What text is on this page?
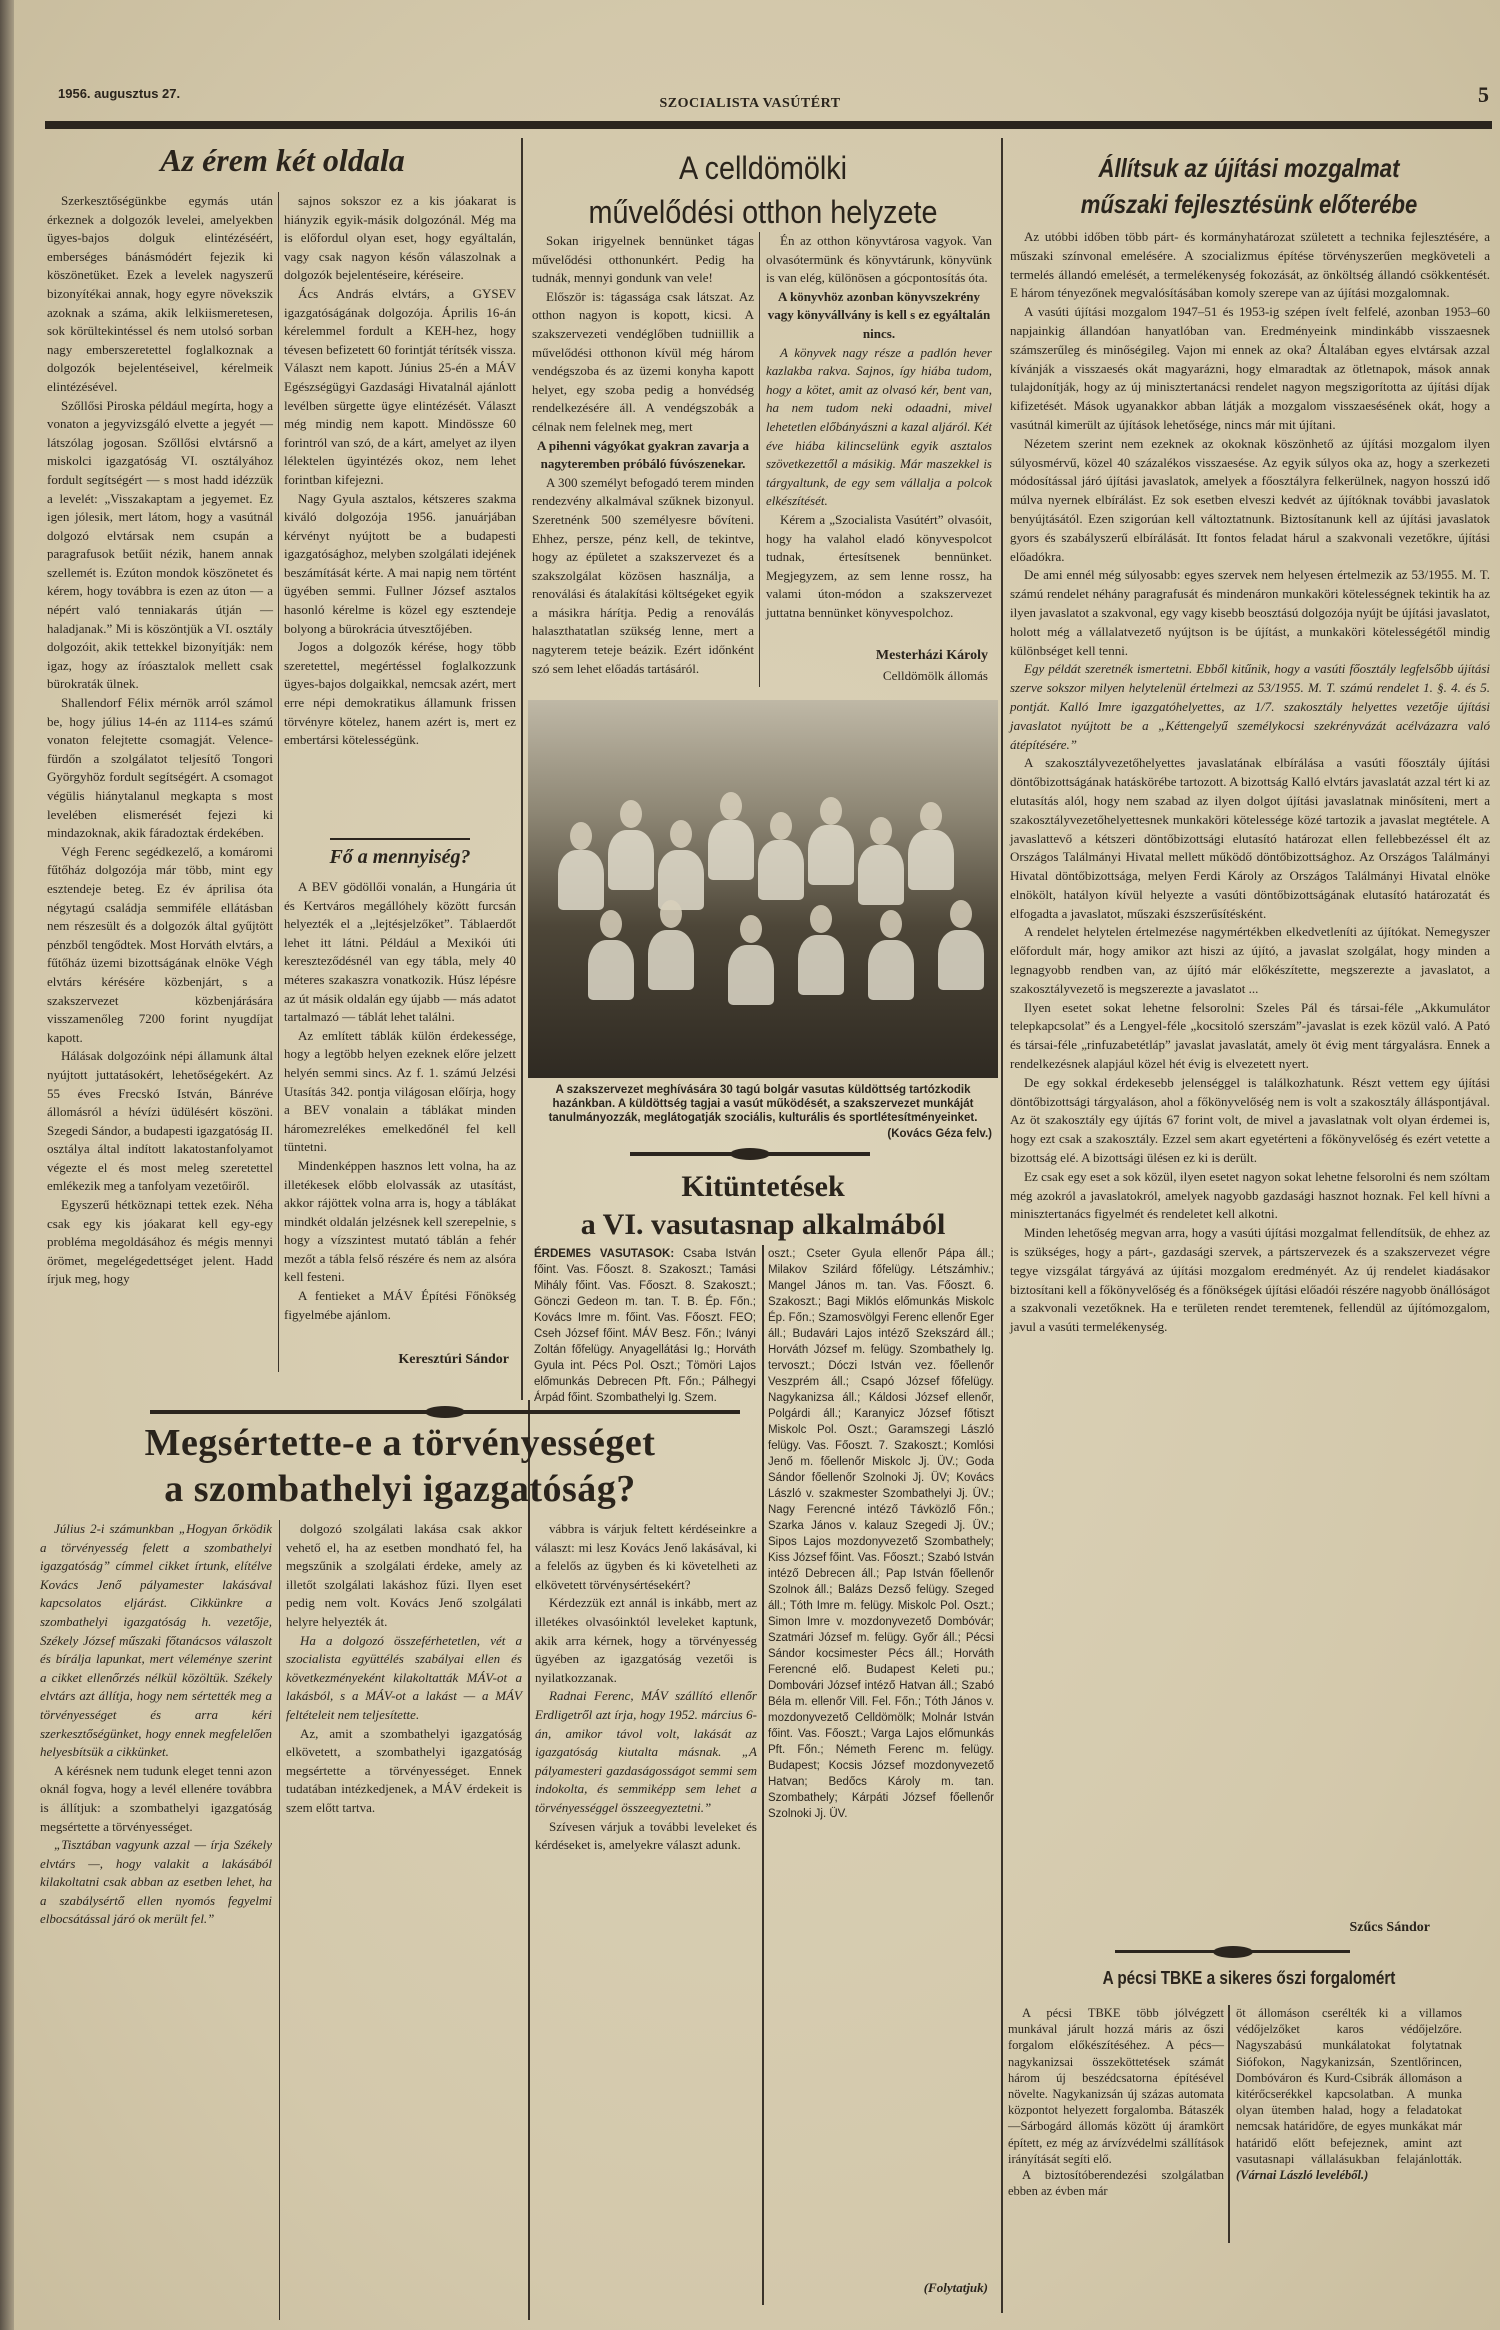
1956. augusztus 27.
SZOCIALISTA VASÚTÉRT	5
Az érem két oldala

Szerkesztőségünkbe egymás után érkeznek a dolgozók levelei, amelyekben ügyes-bajos dolguk elintézéséért, emberséges bánásmódért fejezik ki köszönetüket. Ezek a levelek nagyszerű bizonyítékai annak, hogy egyre növekszik azoknak a száma, akik lelkiismeretesen, sok körültekintéssel és nem utolsó sorban nagy emberszeretettel foglalkoznak a dolgozók bejelentéseivel, kérelmeik elintézésével.

Szőllősi Piroska például megírta, hogy a vonaton a jegyvizsgáló elvette a jegyét — látszólag jogosan. Szőllősi elvtársnő a miskolci igazgatóság VI. osztályához fordult segítségért — s most hadd idézzük a levelét: „Visszakaptam a jegyemet. Ez igen jólesik, mert látom, hogy a vasútnál dolgozó elvtársak nem csupán a paragrafusok betűit nézik, hanem annak szellemét is. Ezúton mondok köszönetet és kérem, hogy továbbra is ezen az úton — a népért való tenniakarás útján — haladjanak.” Mi is köszöntjük a VI. osztály dolgozóit, akik tettekkel bizonyítják: nem igaz, hogy az íróasztalok mellett csak bürokraták ülnek.

Shallendorf Félix mérnök arról számol be, hogy július 14-én az 1114-es számú vonaton felejtette csomagját. Velence-fürdőn a szolgálatot teljesítő Tongori Györgyhöz fordult segítségért. A csomagot végülis hiánytalanul megkapta s most levelében elismerését fejezi ki mindazoknak, akik fáradoztak érdekében.

Végh Ferenc segédkezelő, a komáromi fűtőház dolgozója már több, mint egy esztendeje beteg. Ez év áprilisa óta négytagú családja semmiféle ellátásban nem részesült és a dolgozók által gyűjtött pénzből tengődtek. Most Horváth elvtárs, a fűtőház üzemi bizottságának elnöke Végh elvtárs kérésére közbenjárt, s a szakszervezet közbenjárására visszamenőleg 7200 forint nyugdíjat kapott.

Hálásak dolgozóink népi államunk által nyújtott juttatásokért, lehetőségekért. Az 55 éves Frecskó István, Bánréve állomásról a hévízi üdülésért köszöni. Szegedi Sándor, a budapesti igazgatóság II. osztálya által indított lakatostanfolyamot végezte el és most meleg szeretettel emlékezik meg a tanfolyam vezetőiről.

Egyszerű hétköznapi tettek ezek. Néha csak egy kis jóakarat kell egy-egy probléma megoldásához és mégis mennyi örömet, megelégedettséget jelent. Hadd írjuk meg, hogy

sajnos sokszor ez a kis jóakarat is hiányzik egyik-másik dolgozónál. Még ma is előfordul olyan eset, hogy egyáltalán, vagy csak nagyon későn válaszolnak a dolgozók bejelentéseire, kéréseire.

Ács András elvtárs, a GYSEV igazgatóságának dolgozója. Április 16-án kérelemmel fordult a KEH-hez, hogy tévesen befizetett 60 forintját térítsék vissza. Választ nem kapott. Június 25-én a MÁV Egészségügyi Gazdasági Hivatalnál ajánlott levélben sürgette ügye elintézését. Választ még mindig nem kapott. Mindössze 60 forintról van szó, de a kárt, amelyet az ilyen lélektelen ügyintézés okoz, nem lehet forintban kifejezni.

Nagy Gyula asztalos, kétszeres szakma kiváló dolgozója 1956. januárjában kérvényt nyújtott be a budapesti igazgatósághoz, melyben szolgálati idejének beszámítását kérte. A mai napig nem történt ügyében semmi. Fullner József asztalos hasonló kérelme is közel egy esztendeje bolyong a bürokrácia útvesztőjében.

Jogos a dolgozók kérése, hogy több szeretettel, megértéssel foglalkozzunk ügyes-bajos dolgaikkal, nemcsak azért, mert erre népi demokratikus államunk frissen törvényre kötelez, hanem azért is, mert ez embertársi kötelességünk.

Fő a mennyiség?

A BEV gödöllői vonalán, a Hungária út és Kertváros megállóhely között furcsán helyezték el a „lejtésjelzőket”. Táblaerdőt lehet itt látni. Például a Mexikói úti kereszteződésnél van egy tábla, mely 40 méteres szakaszra vonatkozik. Húsz lépésre az út másik oldalán egy újabb — más adatot tartalmazó — táblát lehet találni.

Az említett táblák külön érdekessége, hogy a legtöbb helyen ezeknek előre jelzett helyén semmi sincs. Az f. 1. számú Jelzési Utasítás 342. pontja világosan előírja, hogy a BEV vonalain a táblákat minden háromezrelékes emelkedőnél fel kell tüntetni.

Mindenképpen hasznos lett volna, ha az illetékesek előbb elolvassák az utasítást, akkor rájöttek volna arra is, hogy a táblákat mindkét oldalán jelzésnek kell szerepelnie, s hogy a vízszintest mutató táblán a fehér mezőt a tábla felső részére és nem az alsóra kell festeni.

A fentieket a MÁV Építési Főnökség figyelmébe ajánlom.

Keresztúri Sándor
A celldömölki
művelődési otthon helyzete

Sokan irigyelnek bennünket tágas művelődési otthonunkért. Pedig ha tudnák, mennyi gondunk van vele!

Először is: tágassága csak látszat. Az otthon nagyon is kopott, kicsi. A szakszervezeti vendéglőben tudniillik a művelődési otthonon kívül még három vendégszoba és az üzemi konyha kapott helyet, egy szoba pedig a honvédség rendelkezésére áll. A vendégszobák a célnak nem felelnek meg, mert

A pihenni vágyókat gyakran zavarja a nagyteremben próbáló fúvószenekar.

A 300 személyt befogadó terem minden rendezvény alkalmával szűknek bizonyul. Szeretnénk 500 személyesre bővíteni. Ehhez, persze, pénz kell, de tekintve, hogy az épületet a szakszervezet és a szakszolgálat közösen használja, a renoválási és átalakítási költségeket egyik a másikra hárítja. Pedig a renoválás halaszthatatlan szükség lenne, mert a nagyterem teteje beázik. Ezért időnként szó sem lehet előadás tartásáról.

Én az otthon könyvtárosa vagyok. Van olvasótermünk és könyvtárunk, könyvünk is van elég, különösen a gócpontosítás óta.

A könyvhöz azonban könyvszekrény vagy könyvállvány is kell s ez egyáltalán nincs.

A könyvek nagy része a padlón hever kazlakba rakva. Sajnos, így hiába tudom, hogy a kötet, amit az olvasó kér, bent van, ha nem tudom neki odaadni, mivel lehetetlen előbányászni a kazal aljáról. Két éve hiába kilincselünk egyik asztalos szövetkezettől a másikig. Már maszekkel is tárgyaltunk, de egy sem vállalja a polcok elkészítését.

Kérem a „Szocialista Vasútért” olvasóit, hogy ha valahol eladó könyvespolcot tudnak, értesítsenek bennünket. Megjegyzem, az sem lenne rossz, ha valami úton-módon a szakszervezet juttatna bennünket könyvespolchoz.

Mesterházi Károly
Celldömölk állomás
A szakszervezet meghívására 30 tagú bolgár vasutas küldöttség tartózkodik hazánkban. A küldöttség tagjai a vasút működését, a szakszervezet munkáját tanulmányozzák, meglátogatják szociális, kulturális és sportlétesítményeinket.
(Kovács Géza felv.)
Kitüntetések
a VI. vasutasnap alkalmából
ÉRDEMES VASUTASOK: Csaba István főint. Vas. Főoszt. 8. Szakoszt.; Tamási Mihály főint. Vas. Főoszt. 8. Szakoszt.; Gönczi Gedeon m. tan. T. B. Ép. Főn.; Kovács Imre m. főint. Vas. Főoszt. FEO; Cseh József főint. MÁV Besz. Főn.; Iványi Zoltán főfelügy. Anyagellátási Ig.; Horváth Gyula int. Pécs Pol. Oszt.; Tömöri Lajos előmunkás Debrecen Pft. Főn.; Pálhegyi Árpád főint. Szombathelyi Ig. Szem.
oszt.; Cseter Gyula ellenőr Pápa áll.; Milakov Szilárd főfelügy. Létszámhiv.; Mangel János m. tan. Vas. Főoszt. 6. Szakoszt.; Bagi Miklós előmunkás Miskolc Ép. Főn.; Szamosvölgyi Ferenc ellenőr Eger áll.; Budavári Lajos intéző Szekszárd áll.; Horváth József m. felügy. Szombathely Ig. tervoszt.; Dóczi István vez. főellenőr Veszprém áll.; Csapó József főfelügy. Nagykanizsa áll.; Káldosi József ellenőr, Polgárdi áll.; Karanyicz József főtiszt Miskolc Pol. Oszt.; Garamszegi László felügy. Vas. Főoszt. 7. Szakoszt.; Komlósi Jenő m. főellenőr Miskolc Jj. ÜV.; Goda Sándor főellenőr Szolnoki Jj. ÜV; Kovács László v. szakmester Szombathelyi Jj. ÜV.; Nagy Ferencné intéző Távközlő Főn.; Szarka János v. kalauz Szegedi Jj. ÜV.; Sipos Lajos mozdonyvezető Szombathely; Kiss József főint. Vas. Főoszt.; Szabó István intéző Debrecen áll.; Pap István főellenőr Szolnok áll.; Balázs Dezső felügy. Szeged áll.; Tóth Imre m. felügy. Miskolc Pol. Oszt.; Simon Imre v. mozdonyvezető Dombóvár; Szatmári József m. felügy. Győr áll.; Pécsi Sándor kocsimester Pécs áll.; Horváth Ferencné elő. Budapest Keleti pu.; Dombovári József intéző Hatvan áll.; Szabó Béla m. ellenőr Vill. Fel. Főn.; Tóth János v. mozdonyvezető Celldömölk; Molnár István főint. Vas. Főoszt.; Varga Lajos előmunkás Pft. Főn.; Németh Ferenc m. felügy. Budapest; Kocsis József mozdonyvezető Hatvan; Bedőcs Károly m. tan. Szombathely; Kárpáti József főellenőr Szolnoki Jj. ÜV.
(Folytatjuk)
Megsértette-e a törvényességet
a szombathelyi igazgatóság?

Július 2-i számunkban „Hogyan őrködik a törvényesség felett a szombathelyi igazgatóság” címmel cikket írtunk, elítélve Kovács Jenő pályamester lakásával kapcsolatos eljárást. Cikkünkre a szombathelyi igazgatóság h. vezetője, Székely József műszaki főtanácsos válaszolt és bírálja lapunkat, mert véleménye szerint a cikket ellenőrzés nélkül közöltük. Székely elvtárs azt állítja, hogy nem sértették meg a törvényességet és arra kéri szerkesztőségünket, hogy ennek megfelelően helyesbítsük a cikkünket.

A kérésnek nem tudunk eleget tenni azon oknál fogva, hogy a levél ellenére továbbra is állítjuk: a szombathelyi igazgatóság megsértette a törvényességet.

„Tisztában vagyunk azzal — írja Székely elvtárs —, hogy valakit a lakásából kilakoltatni csak abban az esetben lehet, ha a szabálysértő ellen nyomós fegyelmi elbocsátással járó ok merült fel.”

dolgozó szolgálati lakása csak akkor vehető el, ha az esetben mondható fel, ha megszűnik a szolgálati érdeke, amely az illetőt szolgálati lakáshoz fűzi. Ilyen eset pedig nem volt. Kovács Jenő szolgálati helyre helyezték át.

Ha a dolgozó összeférhetetlen, vét a szocialista együttélés szabályai ellen és következményeként kilakoltatták MÁV-ot a lakásból, s a MÁV-ot a lakást — a MÁV feltételeit nem teljesítette.

Az, amit a szombathelyi igazgatóság elkövetett, a szombathelyi igazgatóság megsértette a törvényességet. Ennek tudatában intézkedjenek, a MÁV érdekeit is szem előtt tartva.

vábbra is várjuk feltett kérdéseinkre a választ: mi lesz Kovács Jenő lakásával, ki a felelős az ügyben és ki követelheti az elkövetett törvénysértésekért?

Kérdezzük ezt annál is inkább, mert az illetékes olvasóinktól leveleket kaptunk, akik arra kérnek, hogy a törvényesség ügyében az igazgatóság vezetői is nyilatkozzanak.

Radnai Ferenc, MÁV szállító ellenőr Erdligetről azt írja, hogy 1952. március 6-án, amikor távol volt, lakását az igazgatóság kiutalta másnak. „A pályamesteri gazdaságosságot semmi sem indokolta, és semmiképp sem lehet a törvényességgel összeegyeztetni.”

Szívesen várjuk a további leveleket és kérdéseket is, amelyekre választ adunk.

Állítsuk az újítási mozgalmat
műszaki fejlesztésünk előterébe

Az utóbbi időben több párt- és kormányhatározat született a technika fejlesztésére, a műszaki színvonal emelésére. A szocializmus építése törvényszerűen megköveteli a termelés állandó emelését, a termelékenység fokozását, az önköltség állandó csökkentését. E három tényezőnek megvalósításában komoly szerepe van az újítási mozgalomnak.

A vasúti újítási mozgalom 1947–51 és 1953-ig szépen ívelt felfelé, azonban 1953–60 napjainkig állandóan hanyatlóban van. Eredményeink mindinkább visszaesnek számszerűleg és minőségileg. Vajon mi ennek az oka? Általában egyes elvtársak azzal kívánják a visszaesés okát magyarázni, hogy elmaradtak az ötletnapok, mások annak tulajdonítják, hogy az új minisztertanácsi rendelet nagyon megszigorította az újítási díjak kifizetését. Mások ugyanakkor abban látják a mozgalom visszaesésének okát, hogy a vasútnál kimerült az újítások lehetősége, nincs már mit újítani.

Nézetem szerint nem ezeknek az okoknak köszönhető az újítási mozgalom ilyen súlyosmérvű, közel 40 százalékos visszaesése. Az egyik súlyos oka az, hogy a szerkezeti módosítással járó újítási javaslatok, amelyek a főosztályra felkerülnek, nagyon hosszú idő múlva nyernek elbírálást. Ez sok esetben elveszi kedvét az újítóknak további javaslatok benyújtásától. Ezen szigorúan kell változtatnunk. Biztosítanunk kell az újítási javaslatok gyors és szabályszerű elbírálását. Itt fontos feladat hárul a szakvonali vezetőkre, újítási előadókra.

De ami ennél még súlyosabb: egyes szervek nem helyesen értelmezik az 53/1955. M. T. számú rendelet néhány paragrafusát és mindenáron munkaköri kötelességnek tekintik ha az ilyen javaslatot a szakvonal, egy vagy kisebb beosztású dolgozója nyújt be újítási javaslatot, holott még a vállalatvezető nyújtson is be újítást, a munkaköri kötelességétől mindig különbséget kell tenni.

Egy példát szeretnék ismertetni. Ebből kitűnik, hogy a vasúti főosztály legfelsőbb újítási szerve sokszor milyen helytelenül értelmezi az 53/1955. M. T. számú rendelet 1. §. 4. és 5. pontját. Kalló Imre igazgatóhelyettes, az 1/7. szakosztály helyettes vezetője újítási javaslatot nyújtott be a „Kéttengelyű személykocsi szekrényvázát acélvázazra való átépítésére.”

A szakosztályvezetőhelyettes javaslatának elbírálása a vasúti főosztály újítási döntőbizottságának hatáskörébe tartozott. A bizottság Kalló elvtárs javaslatát azzal tért ki az elutasítás alól, hogy nem szabad az ilyen dolgot újítási javaslatnak minősíteni, mert a szakosztályvezetőhelyettesnek munkaköri kötelessége közé tartozik a javaslat megtétele. A javaslattevő a kétszeri döntőbizottsági elutasító határozat ellen fellebbezéssel élt az Országos Találmányi Hivatal mellett működő döntőbizottsághoz. Az Országos Találmányi Hivatal döntőbizottsága, melyen Ferdi Károly az Országos Találmányi Hivatal elnöke elnökölt, hatályon kívül helyezte a vasúti döntőbizottságának elutasító határozatát és elfogadta a javaslatot, műszaki észszerűsítésként.

A rendelet helytelen értelmezése nagymértékben elkedvetleníti az újítókat. Nemegyszer előfordult már, hogy amikor azt hiszi az újító, a javaslat szolgálat, hogy minden a legnagyobb rendben van, az újító már előkészítette, megszerezte a javaslatot, a szakosztályvezető is megszerezte a javaslatot ...

Ilyen esetet sokat lehetne felsorolni: Szeles Pál és társai-féle „Akkumulátor telepkapcsolat” és a Lengyel-féle „kocsitoló szerszám”-javaslat is ezek közül való. A Pató és társai-féle „rinfuzabetétláp” javaslat javaslatát, amely öt évig ment tárgyalásra. Ennek a rendelkezésnek alapjául közel hét évig is elvezetett nyert.

De egy sokkal érdekesebb jelenséggel is találkozhatunk. Részt vettem egy újítási döntőbizottsági tárgyaláson, ahol a főkönyvelőség nem is volt a szakosztály álláspontjával. Az öt szakosztály egy újítás 67 forint volt, de mivel a javaslatnak volt olyan érdemei is, hogy ezt csak a szakosztály. Ezzel sem akart egyetérteni a főkönyvelőség és ezért vetette a bizottság elé. A bizottsági ülésen ez ki is derült.

Ez csak egy eset a sok közül, ilyen esetet nagyon sokat lehetne felsorolni és nem szóltam még azokról a javaslatokról, amelyek nagyobb gazdasági hasznot hoznak. Fel kell hívni a minisztertanács figyelmét és rendeletet kell alkotni.

Minden lehetőség megvan arra, hogy a vasúti újítási mozgalmat fellendítsük, de ehhez az is szükséges, hogy a párt-, gazdasági szervek, a pártszervezek és a szakszervezet végre tegye vizsgálat tárgyává az újítási mozgalom eredményét. Az új rendelet kiadásakor biztosítani kell a főkönyvelőség és a főnökségek újítási előadói részére nagyobb önállóságot a szakvonali vezetőknek. Ha e területen rendet teremtenek, fellendül az újítómozgalom, javul a vasúti termelékenység.

Szűcs Sándor
A pécsi TBKE a sikeres őszi forgalomért

A pécsi TBKE több jólvégzett munkával járult hozzá máris az őszi forgalom előkészítéséhez. A pécs—nagykanizsai összeköttetések számát három új beszédcsatorna építésével növelte. Nagykanizsán új százas automata központot helyezett forgalomba. Bátaszék—Sárbogárd állomás között új áramkört épített, ez még az árvízvédelmi szállítások irányítását segíti elő.

A biztosítóberendezési szolgálatban ebben az évben már

öt állomáson cserélték ki a villamos védőjelzőket karos védőjelzőre. Nagyszabású munkálatokat folytatnak Siófokon, Nagykanizsán, Szentlőrincen, Dombóváron és Kurd-Csibrák állomáson a kitérőcserékkel kapcsolatban. A munka olyan ütemben halad, hogy a feladatokat nemcsak határidőre, de egyes munkákat már határidő előtt befejeznek, amint azt vasutasnapi vállalásukban felajánlották. (Várnai László leveléből.)
